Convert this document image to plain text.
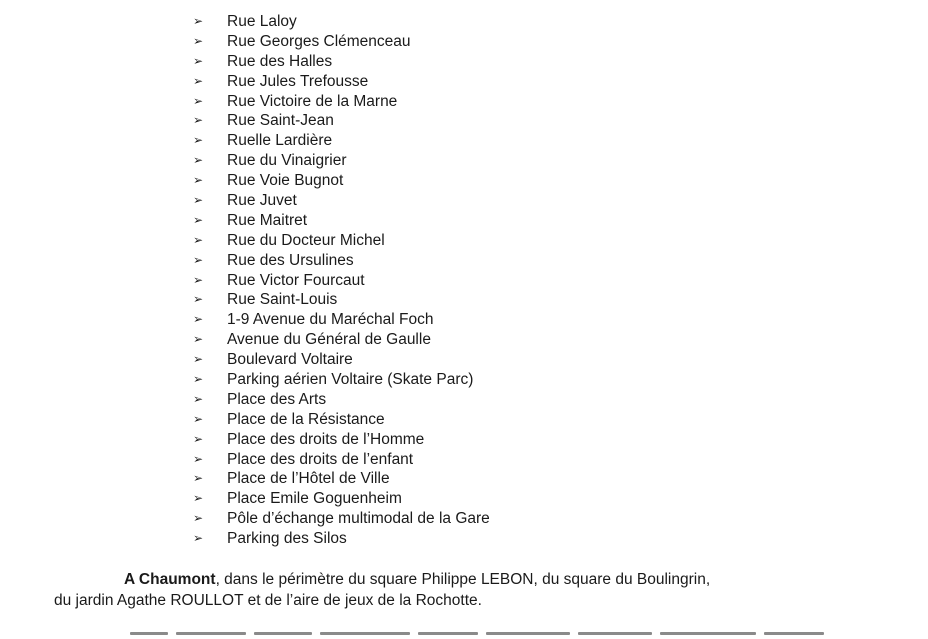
➢	Rue Laloy
➢	Rue Georges Clémenceau
➢	Rue des Halles
➢	Rue Jules Trefousse
➢	Rue Victoire de la Marne
➢	Rue Saint-Jean
➢	Ruelle Lardière
➢	Rue du Vinaigrier
➢	Rue Voie Bugnot
➢	Rue Juvet
➢	Rue Maitret
➢	Rue du Docteur Michel
➢	Rue des Ursulines
➢	Rue Victor Fourcaut
➢	Rue Saint-Louis
➢	1-9 Avenue du Maréchal Foch
➢	Avenue du Général de Gaulle
➢	Boulevard Voltaire
➢	Parking aérien Voltaire (Skate Parc)
➢	Place des Arts
➢	Place de la Résistance
➢	Place des droits de l’Homme
➢	Place des droits de l’enfant
➢	Place de l’Hôtel de Ville
➢	Place Emile Goguenheim
➢	Pôle d’échange multimodal de la Gare
➢	Parking des Silos
A Chaumont, dans le périmètre du square Philippe LEBON, du square du Boulingrin,
du jardin Agathe ROULLOT et de l’aire de jeux de la Rochotte.
